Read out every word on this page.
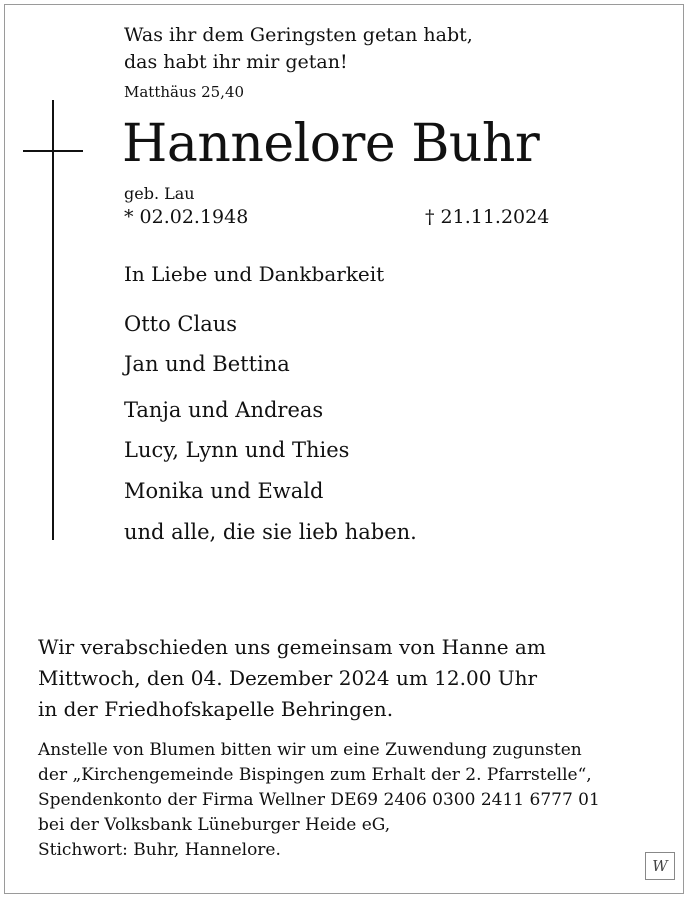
Was ihr dem Geringsten getan habt,
das habt ihr mir getan!
Matthäus 25,40
Hannelore Buhr
geb. Lau
* 02.02.1948	† 21.11.2024
In Liebe und Dankbarkeit
Otto Claus
Jan und Bettina
Tanja und Andreas
Lucy, Lynn und Thies
Monika und Ewald
und alle, die sie lieb haben.
Wir verabschieden uns gemeinsam von Hanne am
Mittwoch, den 04. Dezember 2024 um 12.00 Uhr
in der Friedhofskapelle Behringen.
Anstelle von Blumen bitten wir um eine Zuwendung zugunsten
der „Kirchengemeinde Bispingen zum Erhalt der 2. Pfarrstelle“,
Spendenkonto der Firma Wellner DE69 2406 0300 2411 6777 01
bei der Volksbank Lüneburger Heide eG,
Stichwort: Buhr, Hannelore.
W
